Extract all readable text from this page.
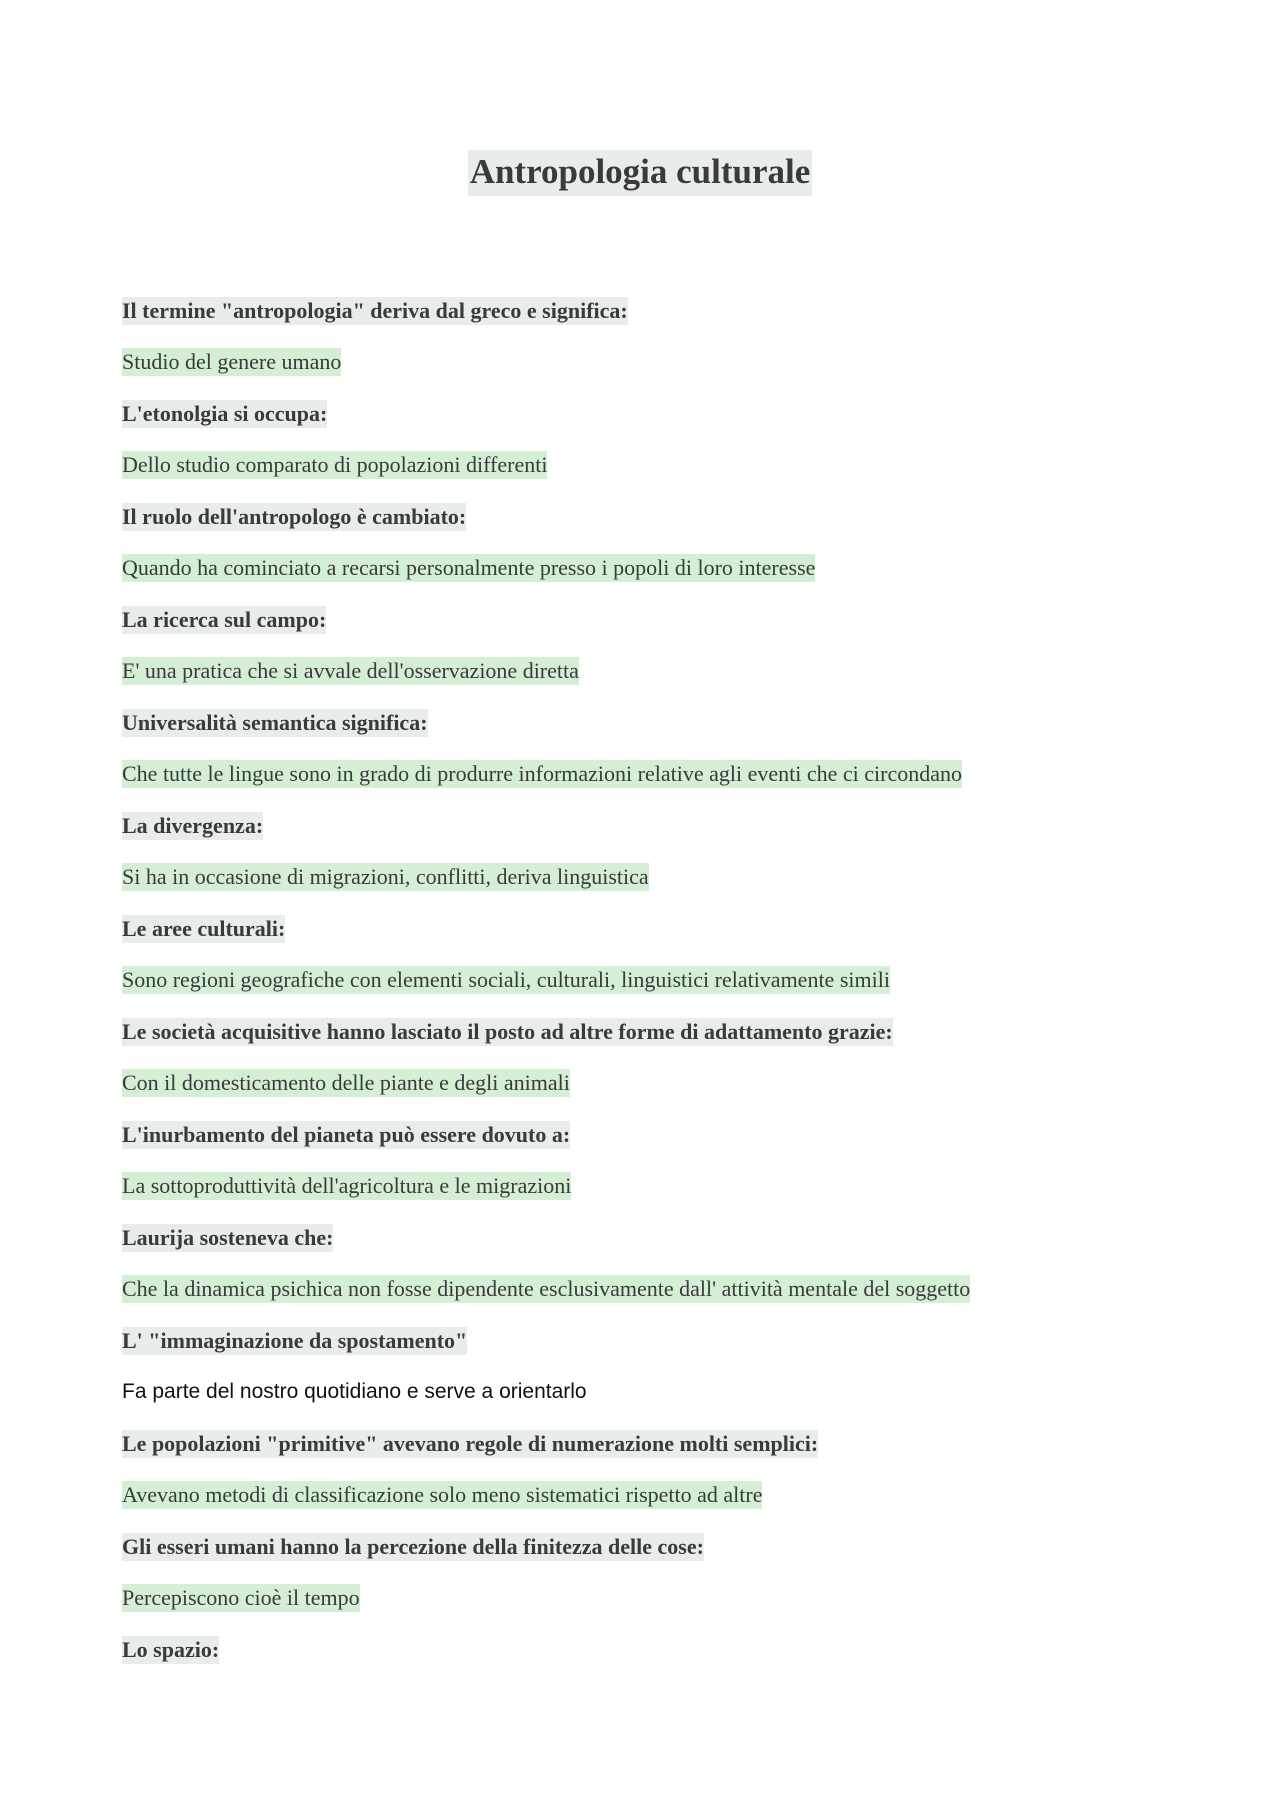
Antropologia culturale
Il termine "antropologia" deriva dal greco e significa:
Studio del genere umano
L'etonolgia si occupa:
Dello studio comparato di popolazioni differenti
Il ruolo dell'antropologo è cambiato:
Quando ha cominciato a recarsi personalmente presso i popoli di loro interesse
La ricerca sul campo:
E' una pratica che si avvale dell'osservazione diretta
Universalità semantica significa:
Che tutte le lingue sono in grado di produrre informazioni relative agli eventi che ci circondano
La divergenza:
Si ha in occasione di migrazioni, conflitti, deriva linguistica
Le aree culturali:
Sono regioni geografiche con elementi sociali, culturali, linguistici relativamente simili
Le società acquisitive hanno lasciato il posto ad altre forme di adattamento grazie:
Con il domesticamento delle piante e degli animali
L'inurbamento del pianeta può essere dovuto a:
La sottoproduttività dell'agricoltura e le migrazioni
Laurija sosteneva che:
Che la dinamica psichica non fosse dipendente esclusivamente dall' attività mentale del soggetto
L' "immaginazione da spostamento"
Fa parte del nostro quotidiano e serve a orientarlo
Le popolazioni "primitive" avevano regole di numerazione molti semplici:
Avevano metodi di classificazione solo meno sistematici rispetto ad altre
Gli esseri umani hanno la percezione della finitezza delle cose:
Percepiscono cioè il tempo
Lo spazio:
